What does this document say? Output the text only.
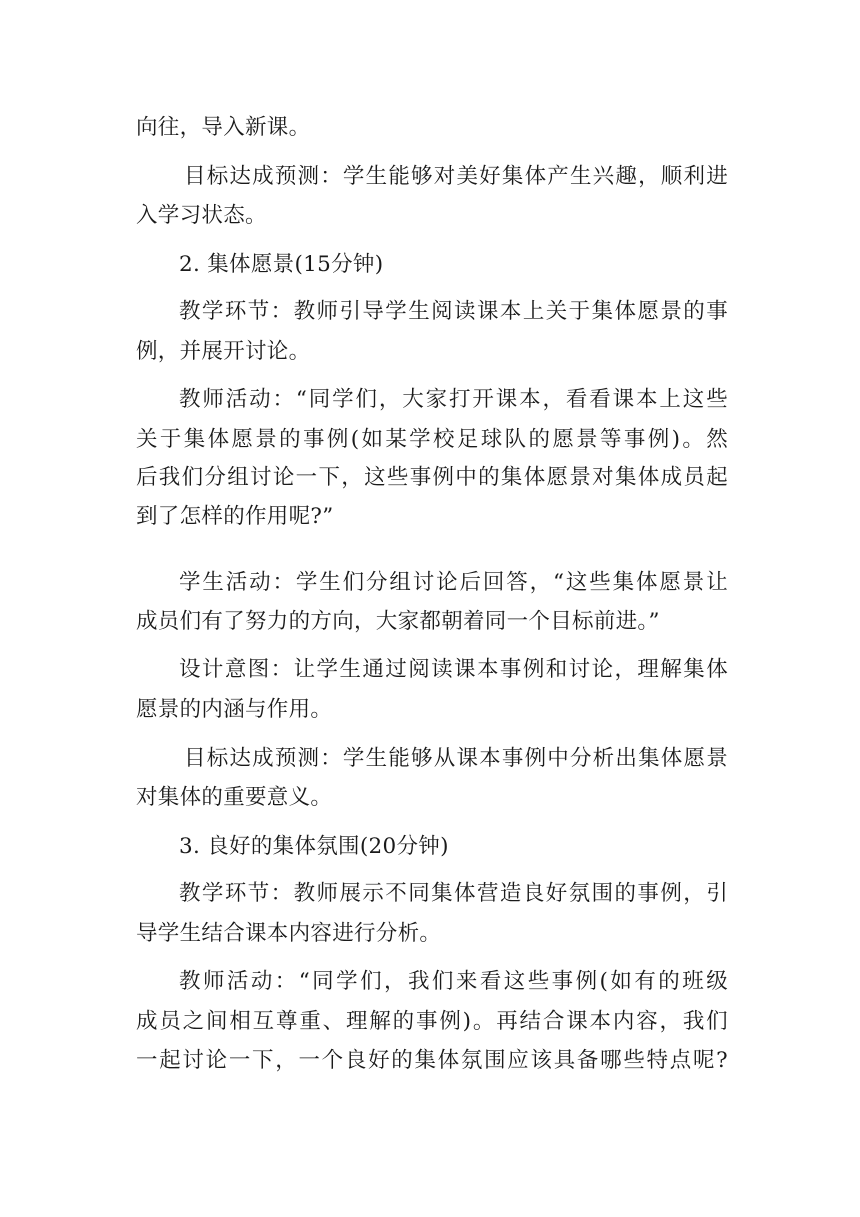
向往，导入新课。
目标达成预测：学生能够对美好集体产生兴趣，顺利进
入学习状态。
2. 集体愿景(15分钟)
教学环节：教师引导学生阅读课本上关于集体愿景的事
例，并展开讨论。
教师活动：“同学们，大家打开课本，看看课本上这些
关于集体愿景的事例(如某学校足球队的愿景等事例)。然
后我们分组讨论一下，这些事例中的集体愿景对集体成员起
到了怎样的作用呢?”
学生活动：学生们分组讨论后回答，“这些集体愿景让
成员们有了努力的方向，大家都朝着同一个目标前进。”
设计意图：让学生通过阅读课本事例和讨论，理解集体
愿景的内涵与作用。
目标达成预测：学生能够从课本事例中分析出集体愿景
对集体的重要意义。
3. 良好的集体氛围(20分钟)
教学环节：教师展示不同集体营造良好氛围的事例，引
导学生结合课本内容进行分析。
教师活动：“同学们，我们来看这些事例(如有的班级
成员之间相互尊重、理解的事例)。再结合课本内容，我们
一起讨论一下，一个良好的集体氛围应该具备哪些特点呢?
